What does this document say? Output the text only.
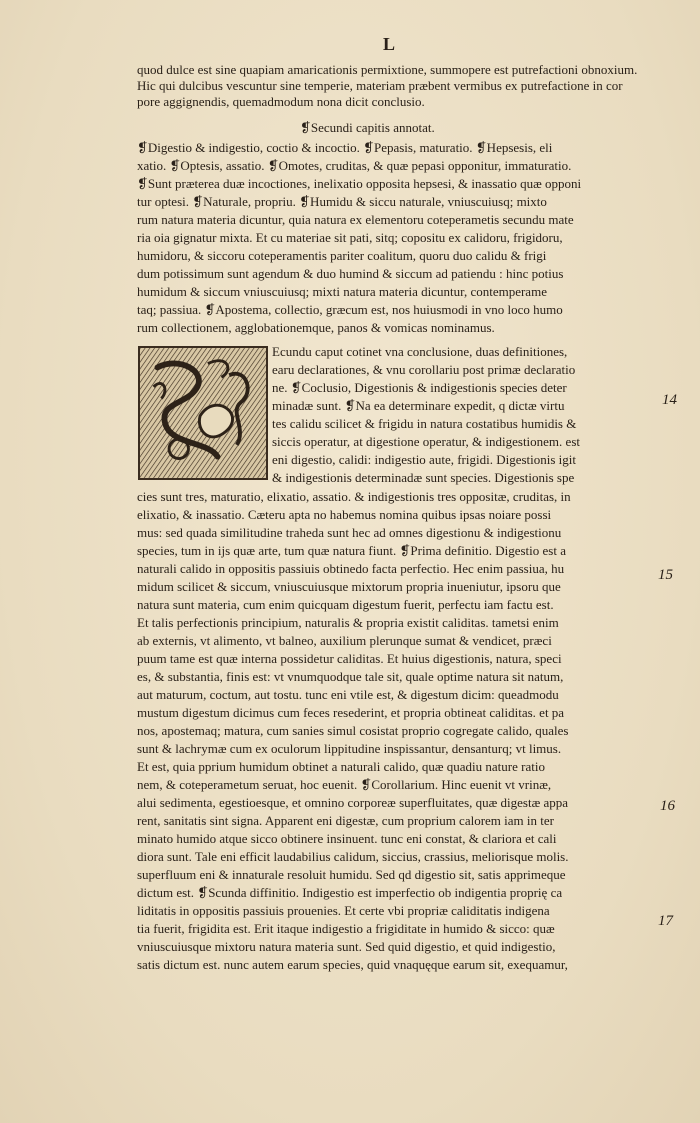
L
quod dulce est sine quapiam amaricationis permixtione, summopere est putrefactioni obnoxium.
Hic qui dulcibus vescuntur sine temperie, materiam præbent vermibus ex putrefactione in cor
pore aggignendis, quemadmodum nona dicit conclusio.
❡Secundi capitis annotat.
❡Digestio & indigestio, coctio & incoctio. ❡Pepasis, maturatio. ❡Hepsesis, eli
xatio. ❡Optesis, assatio. ❡Omotes, cruditas, & quæ pepasi opponitur, immaturatio.
❡Sunt præterea duæ incoctiones, inelixatio opposita hepsesi, & inassatio quæ opponi
tur optesi. ❡Naturale, propriu. ❡Humidu & siccu naturale, vniuscuiusq; mixto
rum natura materia dicuntur, quia natura ex elementoru coteperametis secundu mate
ria oia gignatur mixta. Et cu materiae sit pati, sitq; copositu ex calidoru, frigidoru,
humidoru, & siccoru coteperamentis pariter coalitum, quoru duo calidu & frigi
dum potissimum sunt agendum & duo humind & siccum ad patiendu : hinc potius
humidum & siccum vniuscuiusq; mixti natura materia dicuntur, contemperame
taq; passiua. ❡Apostema, collectio, græcum est, nos huiusmodi in vno loco humo
rum collectionem, agglobationemque, panos & vomicas nominamus.
Ecundu caput cotinet vna conclusione, duas definitiones,
earu declarationes, & vnu corollariu post primæ declaratio
ne. ❡Coclusio, Digestionis & indigestionis species deter
minadæ sunt. ❡Na ea determinare expedit, q dictæ virtu
tes calidu scilicet & frigidu in natura costatibus humidis &
siccis operatur, at digestione operatur, & indigestionem. est
eni digestio, calidi: indigestio aute, frigidi. Digestionis igit
& indigestionis determinadæ sunt species. Digestionis spe
cies sunt tres, maturatio, elixatio, assatio. & indigestionis tres oppositæ, cruditas, in
elixatio, & inassatio. Cæteru apta no habemus nomina quibus ipsas noiare possi
mus: sed quada similitudine traheda sunt hec ad omnes digestionu & indigestionu
species, tum in ijs quæ arte, tum quæ natura fiunt. ❡Prima definitio. Digestio est a
naturali calido in oppositis passiuis obtinedo facta perfectio. Hec enim passiua, hu
midum scilicet & siccum, vniuscuiusque mixtorum propria inueniutur, ipsoru que
natura sunt materia, cum enim quicquam digestum fuerit, perfectu iam factu est.
Et talis perfectionis principium, naturalis & propria existit caliditas. tametsi enim
ab externis, vt alimento, vt balneo, auxilium plerunque sumat & vendicet, præci
puum tame est quæ interna possidetur caliditas. Et huius digestionis, natura, speci
es, & substantia, finis est: vt vnumquodque tale sit, quale optime natura sit natum,
aut maturum, coctum, aut tostu. tunc eni vtile est, & digestum dicim: queadmodu
mustum digestum dicimus cum feces resederint, et propria obtineat caliditas. et pa
nos, apostemaq; matura, cum sanies simul cosistat proprio cogregate calido, quales
sunt & lachrymæ cum ex oculorum lippitudine inspissantur, densanturq; vt limus.
Et est, quia pprium humidum obtinet a naturali calido, quæ quadiu nature ratio
nem, & coteperametum seruat, hoc euenit. ❡Corollarium. Hinc euenit vt vrinæ,
alui sedimenta, egestioesque, et omnino corporeæ superfluitates, quæ digestæ appa
rent, sanitatis sint signa. Apparent eni digestæ, cum proprium calorem iam in ter
minato humido atque sicco obtinere insinuent. tunc eni constat, & clariora et cali
diora sunt. Tale eni efficit laudabilius calidum, siccius, crassius, meliorisque molis.
superfluum eni & innaturale resoluit humidu. Sed qd digestio sit, satis apprimeque
dictum est. ❡Scunda diffinitio. Indigestio est imperfectio ob indigentia proprię ca
liditatis in oppositis passiuis prouenies. Et certe vbi propriæ caliditatis indigena
tia fuerit, frigidita est. Erit itaque indigestio a frigiditate in humido & sicco: quæ
vniuscuiusque mixtoru natura materia sunt. Sed quid digestio, et quid indigestio,
satis dictum est. nunc autem earum species, quid vnaquęque earum sit, exequamur,
14
15
16
17
